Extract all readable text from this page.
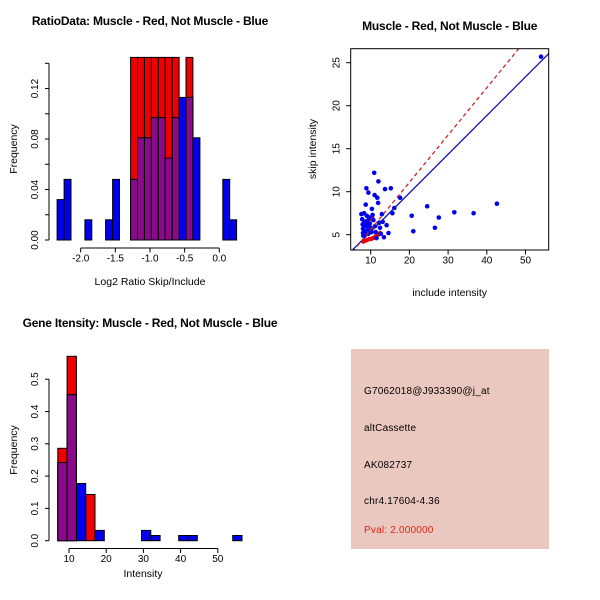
0.00
0.04
0.08
0.12
-2.0 -1.5 -1.0 -0.5 0.0
RatioData: Muscle - Red, Not Muscle - Blue
Log2 Ratio Skip/Include
Frequency
10	20	30	40	50
5
10
15
20
25
Muscle - Red, Not Muscle - Blue
include intensity
skip intensity
0.0
0.1
0.2
0.3
0.4
0.5
10	20	30	40	50
Gene Itensity: Muscle - Red, Not Muscle - Blue
Intensity
Frequency
G7062018@J933390@j_at
altCassette
AK082737
chr4.17604-4.36
Pval: 2.000000
